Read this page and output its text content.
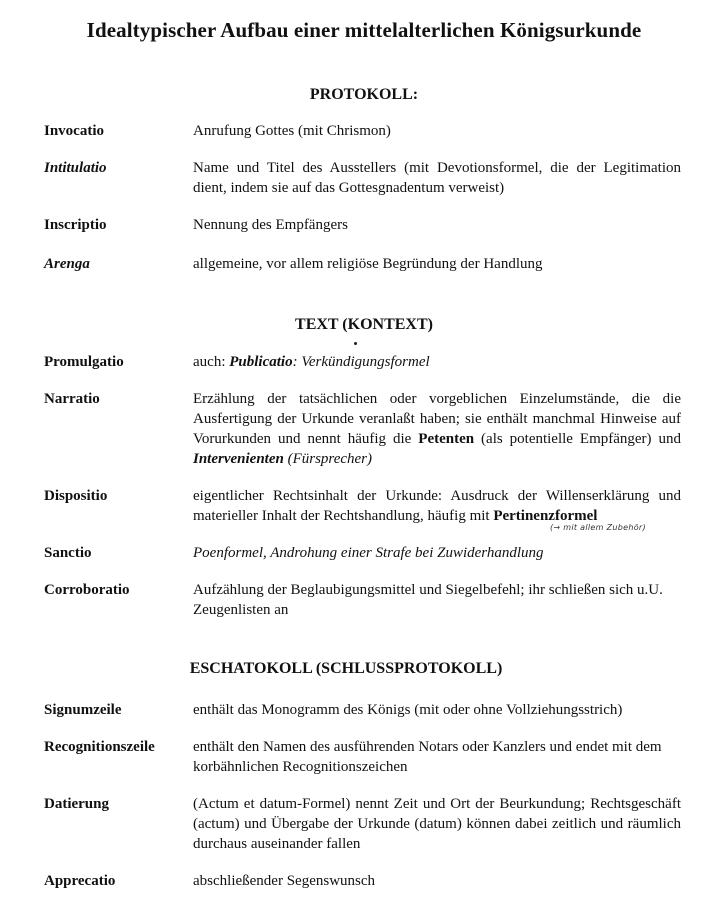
Idealtypischer Aufbau einer mittelalterlichen Königsurkunde
PROTOKOLL:
Invocatio	Anrufung Gottes (mit Chrismon)
Intitulatio	Name und Titel des Ausstellers (mit Devotionsformel, die der Legitimation dient, indem sie auf das Gottesgnadentum verweist)
Inscriptio	Nennung des Empfängers
Arenga	allgemeine, vor allem religiöse Begründung der Handlung
TEXT (KONTEXT)
Promulgatio	auch: Publicatio: Verkündigungsformel
Narratio	Erzählung der tatsächlichen oder vorgeblichen Einzelumstände, die die Ausfertigung der Urkunde veranlaßt haben; sie enthält manchmal Hinweise auf Vorurkunden und nennt häufig die Petenten (als potentielle Empfänger) und Intervenienten (Fürsprecher)
Dispositio	eigentlicher Rechtsinhalt der Urkunde: Ausdruck der Willenserklärung und materieller Inhalt der Rechtshandlung, häufig mit Pertinenzformel
(→ mit allem Zubehör)
Sanctio	Poenformel, Androhung einer Strafe bei Zuwiderhandlung
Corroboratio	Aufzählung der Beglaubigungsmittel und Siegelbefehl; ihr schließen sich u.U. Zeugenlisten an
ESCHATOKOLL (SCHLUSSPROTOKOLL)
Signumzeile	enthält das Monogramm des Königs (mit oder ohne Vollziehungsstrich)
Recognitionszeile	enthält den Namen des ausführenden Notars oder Kanzlers und endet mit dem korbähnlichen Recognitionszeichen
Datierung	(Actum et datum-Formel) nennt Zeit und Ort der Beurkundung; Rechtsgeschäft (actum) und Übergabe der Urkunde (datum) können dabei zeitlich und räumlich durchaus auseinander fallen
Apprecatio	abschließender Segenswunsch
